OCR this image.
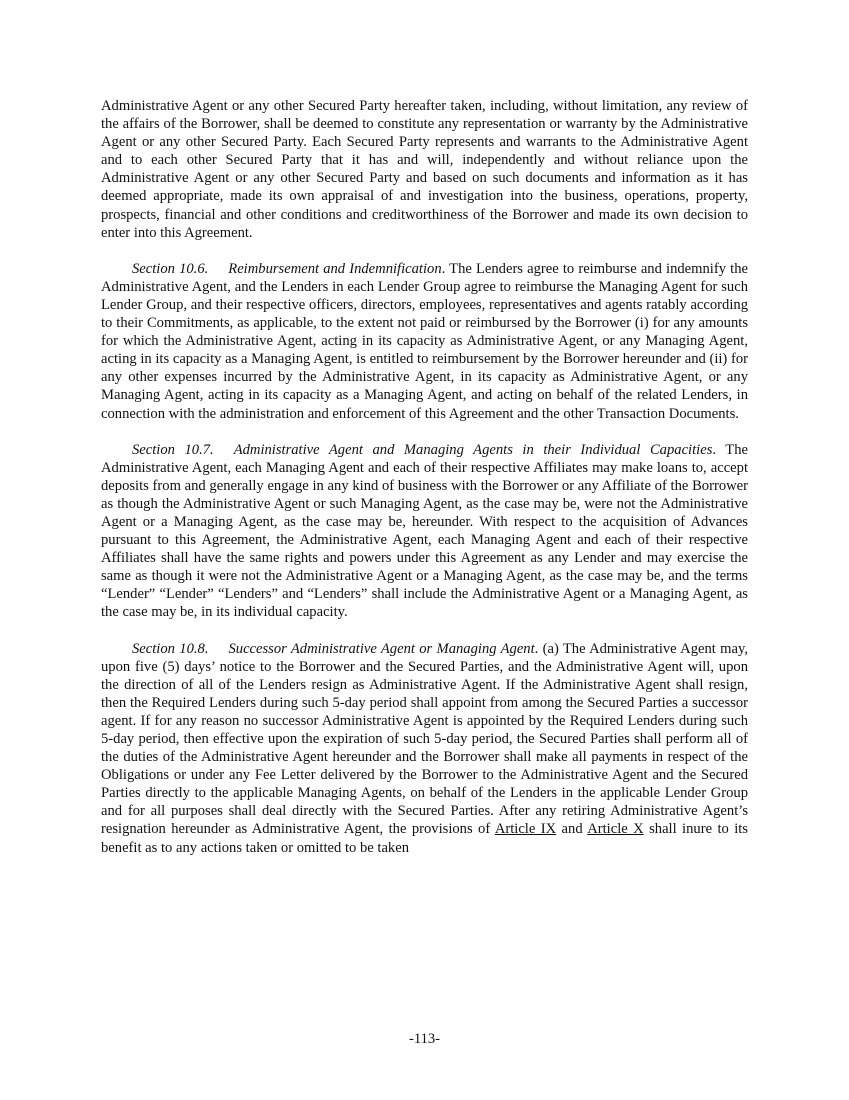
Administrative Agent or any other Secured Party hereafter taken, including, without limitation, any review of the affairs of the Borrower, shall be deemed to constitute any representation or warranty by the Administrative Agent or any other Secured Party. Each Secured Party represents and warrants to the Administrative Agent and to each other Secured Party that it has and will, independently and without reliance upon the Administrative Agent or any other Secured Party and based on such documents and information as it has deemed appropriate, made its own appraisal of and investigation into the business, operations, property, prospects, financial and other conditions and creditworthiness of the Borrower and made its own decision to enter into this Agreement.

Section 10.6. Reimbursement and Indemnification. The Lenders agree to reimburse and indemnify the Administrative Agent, and the Lenders in each Lender Group agree to reimburse the Managing Agent for such Lender Group, and their respective officers, directors, employees, representatives and agents ratably according to their Commitments, as applicable, to the extent not paid or reimbursed by the Borrower (i) for any amounts for which the Administrative Agent, acting in its capacity as Administrative Agent, or any Managing Agent, acting in its capacity as a Managing Agent, is entitled to reimbursement by the Borrower hereunder and (ii) for any other expenses incurred by the Administrative Agent, in its capacity as Administrative Agent, or any Managing Agent, acting in its capacity as a Managing Agent, and acting on behalf of the related Lenders, in connection with the administration and enforcement of this Agreement and the other Transaction Documents.

Section 10.7. Administrative Agent and Managing Agents in their Individual Capacities. The Administrative Agent, each Managing Agent and each of their respective Affiliates may make loans to, accept deposits from and generally engage in any kind of business with the Borrower or any Affiliate of the Borrower as though the Administrative Agent or such Managing Agent, as the case may be, were not the Administrative Agent or a Managing Agent, as the case may be, hereunder. With respect to the acquisition of Advances pursuant to this Agreement, the Administrative Agent, each Managing Agent and each of their respective Affiliates shall have the same rights and powers under this Agreement as any Lender and may exercise the same as though it were not the Administrative Agent or a Managing Agent, as the case may be, and the terms “Lender” “Lender” “Lenders” and “Lenders” shall include the Administrative Agent or a Managing Agent, as the case may be, in its individual capacity.

Section 10.8. Successor Administrative Agent or Managing Agent. (a) The Administrative Agent may, upon five (5) days’ notice to the Borrower and the Secured Parties, and the Administrative Agent will, upon the direction of all of the Lenders resign as Administrative Agent. If the Administrative Agent shall resign, then the Required Lenders during such 5-day period shall appoint from among the Secured Parties a successor agent. If for any reason no successor Administrative Agent is appointed by the Required Lenders during such 5-day period, then effective upon the expiration of such 5-day period, the Secured Parties shall perform all of the duties of the Administrative Agent hereunder and the Borrower shall make all payments in respect of the Obligations or under any Fee Letter delivered by the Borrower to the Administrative Agent and the Secured Parties directly to the applicable Managing Agents, on behalf of the Lenders in the applicable Lender Group and for all purposes shall deal directly with the Secured Parties. After any retiring Administrative Agent’s resignation hereunder as Administrative Agent, the provisions of Article IX and Article X shall inure to its benefit as to any actions taken or omitted to be taken

-113-
